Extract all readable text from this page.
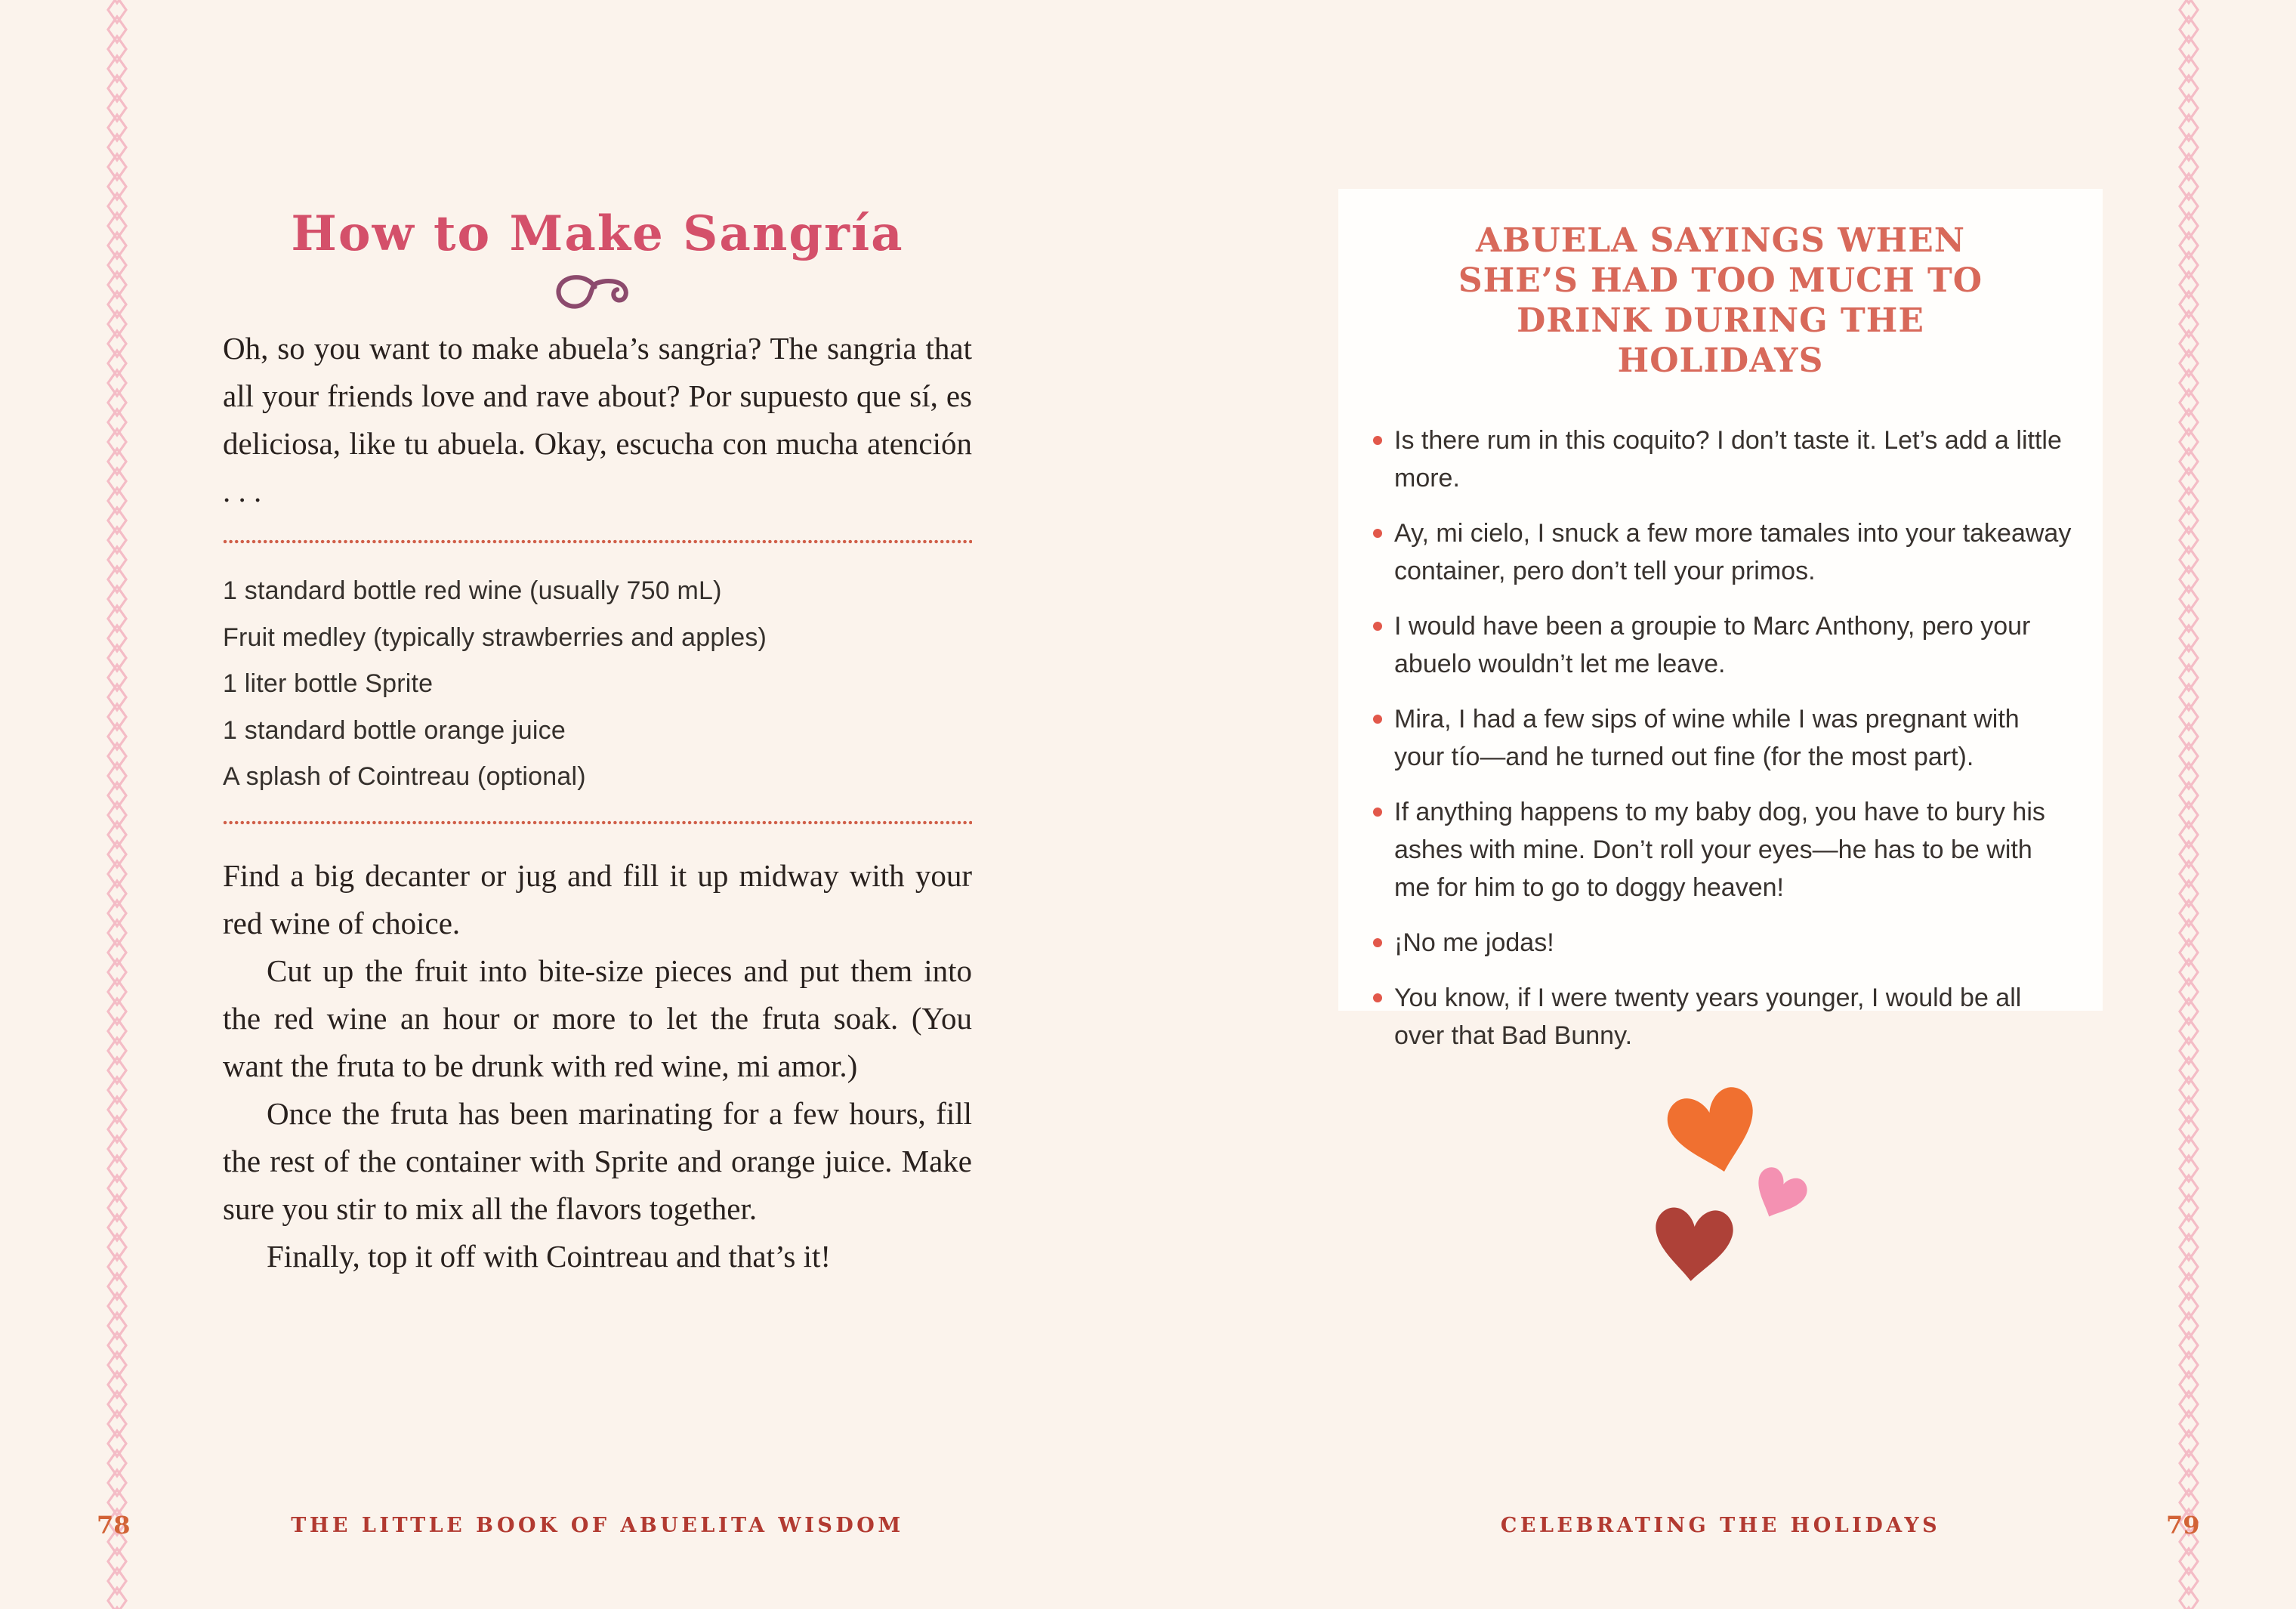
How to Make Sangría

Oh, so you want to make abuela’s sangria? The sangria that all your friends love and rave about? Por supuesto que sí, es deliciosa, like tu abuela. Okay, escucha con mucha atención . . .

1 standard bottle red wine (usually 750 mL)
Fruit medley (typically strawberries and apples)
1 liter bottle Sprite
1 standard bottle orange juice
A splash of Cointreau (optional)

Find a big decanter or jug and fill it up midway with your red wine of choice.

Cut up the fruit into bite-size pieces and put them into the red wine an hour or more to let the fruta soak. (You want the fruta to be drunk with red wine, mi amor.)

Once the fruta has been marinating for a few hours, fill the rest of the container with Sprite and orange juice. Make sure you stir to mix all the flavors together.

Finally, top it off with Cointreau and that’s it!

ABUELA SAYINGS WHEN SHE’S HAD TOO MUCH TO DRINK DURING THE HOLIDAYS
Is there rum in this coquito? I don’t taste it. Let’s add a little more.
Ay, mi cielo, I snuck a few more tamales into your takeaway container, pero don’t tell your primos.
I would have been a groupie to Marc Anthony, pero your abuelo wouldn’t let me leave.
Mira, I had a few sips of wine while I was pregnant with your tío—and he turned out fine (for the most part).
If anything happens to my baby dog, you have to bury his ashes with mine. Don’t roll your eyes—he has to be with me for him to go to doggy heaven!
¡No me jodas!
You know, if I were twenty years younger, I would be all over that Bad Bunny.
78	THE LITTLE BOOK OF ABUELITA WISDOM	CELEBRATING THE HOLIDAYS	79
